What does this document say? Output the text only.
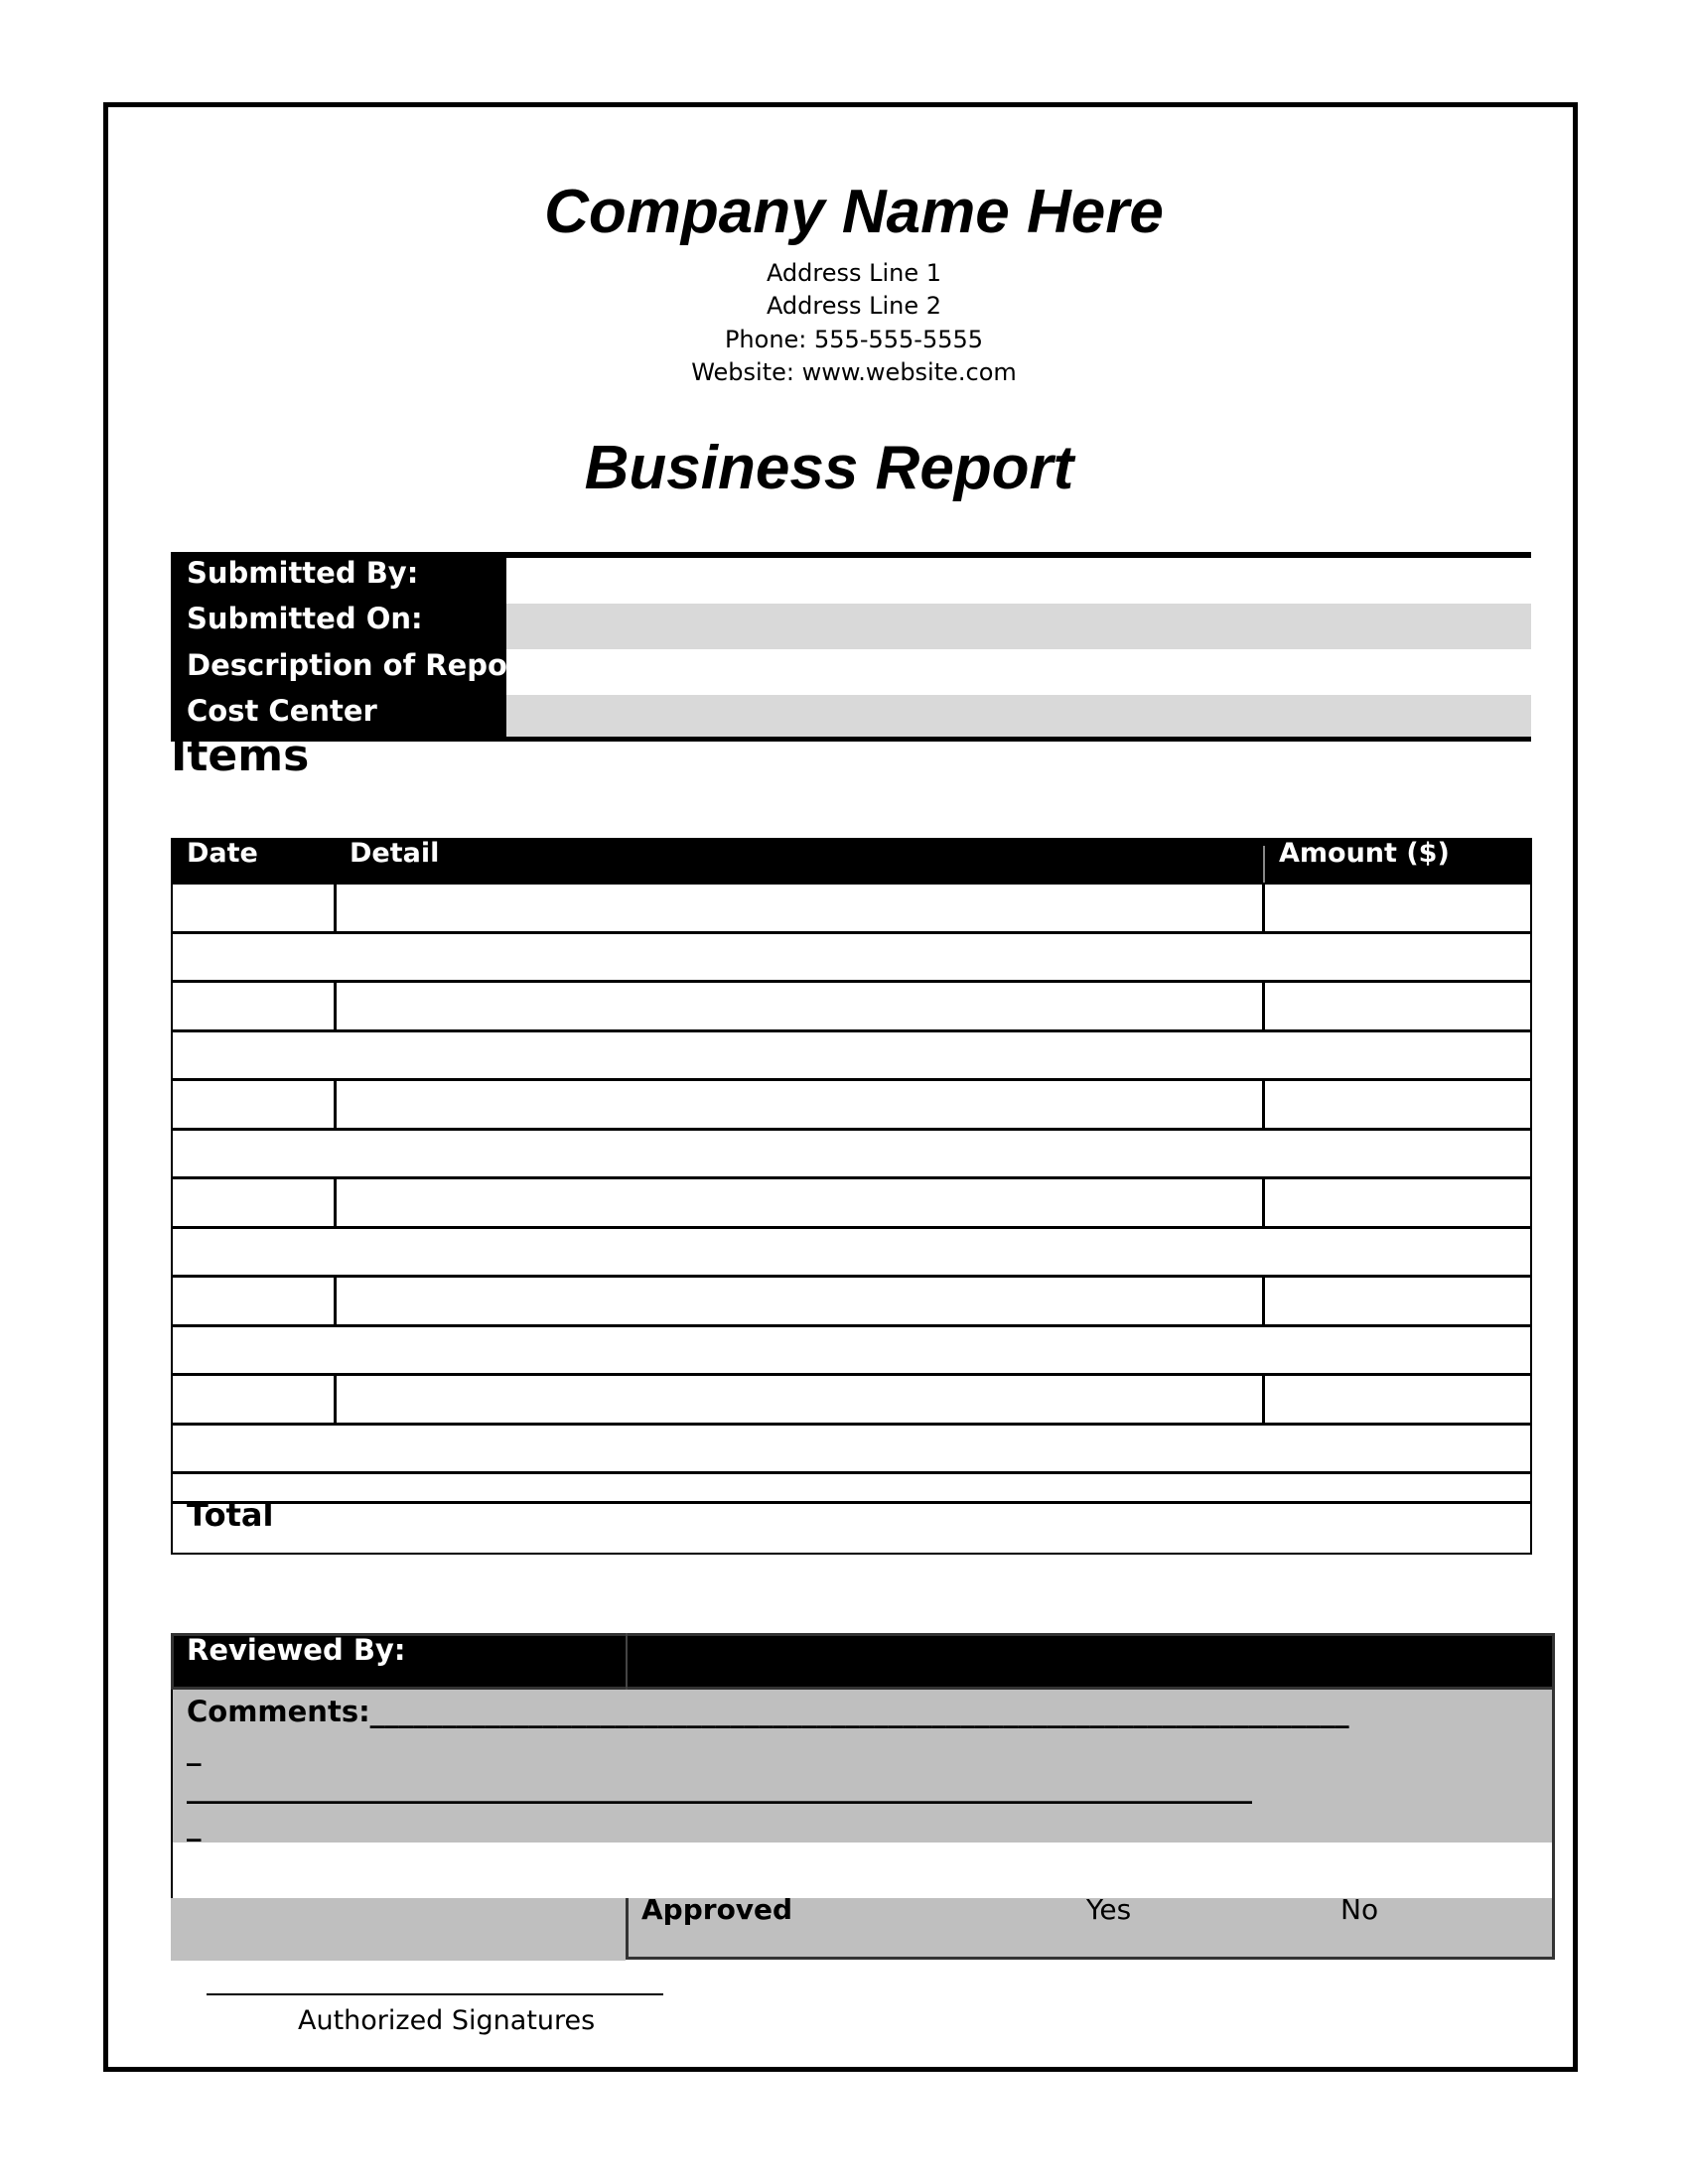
Company Name Here
Address Line 1
Address Line 2
Phone: 555-555-5555
Website: www.website.com
Business Report
Submitted By:
Submitted On:
Description of Report:
Cost Center
Items
Date	Detail	Amount ($)
Total
Reviewed By:
Comments:____________________________________________________________________
_
__________________________________________________________________________
_
Approved	Yes	No
Authorized Signatures
